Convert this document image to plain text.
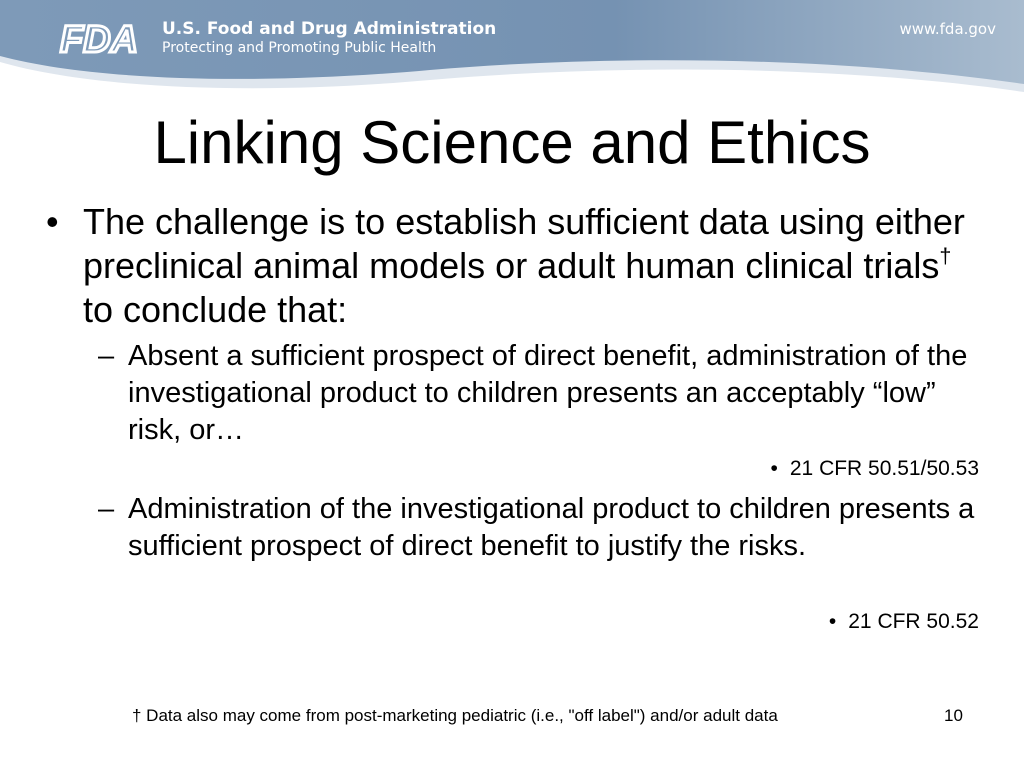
FDA U.S. Food and Drug Administration
Protecting and Promoting Public Health
www.fda.gov
Linking Science and Ethics
• The challenge is to establish sufficient data using either preclinical animal models or adult human clinical trials† to conclude that:
– Absent a sufficient prospect of direct benefit, administration of the investigational product to children presents an acceptably “low” risk, or…
• 21 CFR 50.51/50.53
– Administration of the investigational product to children presents a sufficient prospect of direct benefit to justify the risks.
• 21 CFR 50.52
† Data also may come from post-marketing pediatric (i.e., "off label") and/or adult data	10
